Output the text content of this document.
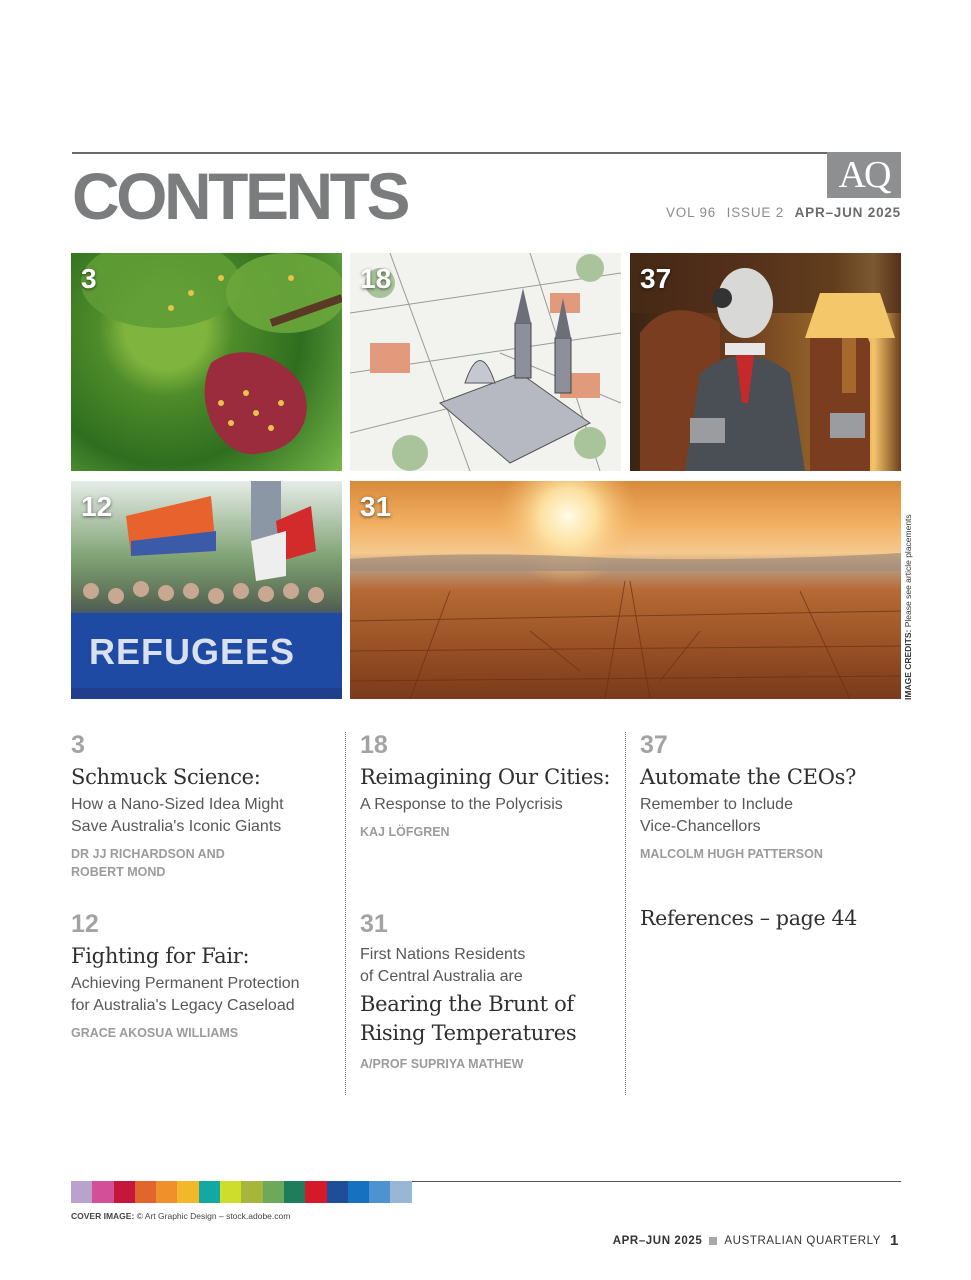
CONTENTS	AQ
VOL 96 ISSUE 2 APR–JUN 2025
3	18	37
REFUGEES
12	31
IMAGE CREDITS: Please see article placements
3
Schmuck Science:
How a Nano-Sized Idea Might
Save Australia's Iconic Giants
DR JJ RICHARDSON AND
ROBERT MOND
18
Reimagining Our Cities:
A Response to the Polycrisis
KAJ LÖFGREN
37
Automate the CEOs?
Remember to Include
Vice-Chancellors
MALCOLM HUGH PATTERSON
12
Fighting for Fair:
Achieving Permanent Protection
for Australia's Legacy Caseload
GRACE AKOSUA WILLIAMS
31
First Nations Residents
of Central Australia are
Bearing the Brunt of
Rising Temperatures
A/PROF SUPRIYA MATHEW
References – page 44
COVER IMAGE: © Art Graphic Design – stock.adobe.com
APR–JUN 2025 AUSTRALIAN QUARTERLY 1
